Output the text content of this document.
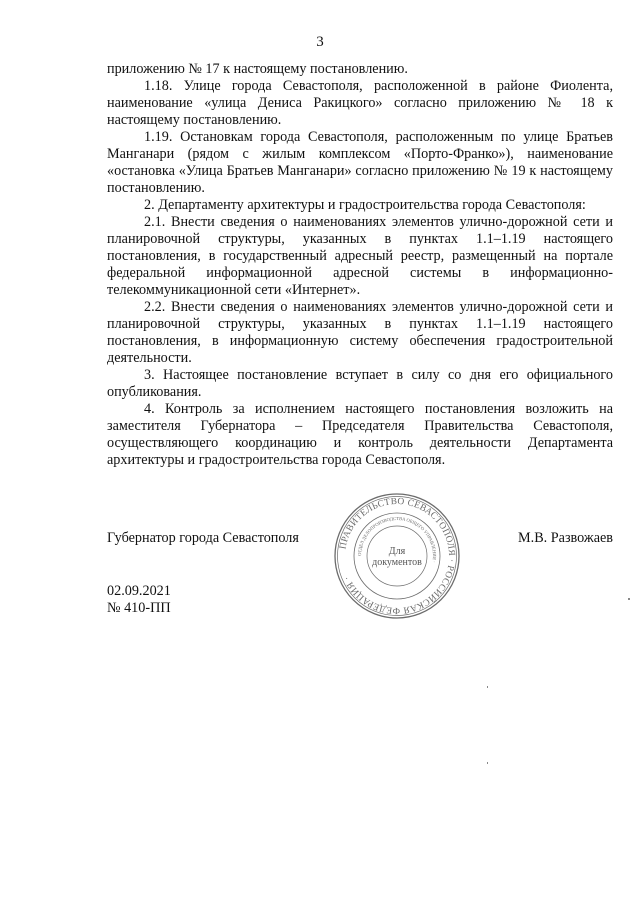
3

приложению № 17 к настоящему постановлению.

1.18. Улице города Севастополя, расположенной в районе Фиолента, наименование «улица Дениса Ракицкого» согласно приложению № 18 к настоящему постановлению.

1.19. Остановкам города Севастополя, расположенным по улице Братьев Манганари (рядом с жилым комплексом «Порто-Франко»), наименование «остановка «Улица Братьев Манганари» согласно приложению № 19 к настоящему постановлению.

2. Департаменту архитектуры и градостроительства города Севастополя:

2.1. Внести сведения о наименованиях элементов улично-дорожной сети и планировочной структуры, указанных в пунктах 1.1–1.19 настоящего постановления, в государственный адресный реестр, размещенный на портале федеральной информационной адресной системы в информационно-телекоммуникационной сети «Интернет».

2.2. Внести сведения о наименованиях элементов улично-дорожной сети и планировочной структуры, указанных в пунктах 1.1–1.19 настоящего постановления, в информационную систему обеспечения градостроительной деятельности.

3. Настоящее постановление вступает в силу со дня его официального опубликования.

4. Контроль за исполнением настоящего постановления возложить на заместителя Губернатора – Председателя Правительства Севастополя, осуществляющего координацию и контроль деятельности Департамента архитектуры и градостроительства города Севастополя.

Губернатор города Севастополя	М.В. Развожаев
ПРАВИТЕЛЬСТВО СЕВАСТОПОЛЯ · РОССИЙСКАЯ ФЕДЕРАЦИЯ ·
ОТДЕЛ ДЕЛОПРОИЗВОДСТВА ОБЩЕГО УПРАВЛЕНИЯ ·
Для
документов
02.09.2021
№ 410-ПП
